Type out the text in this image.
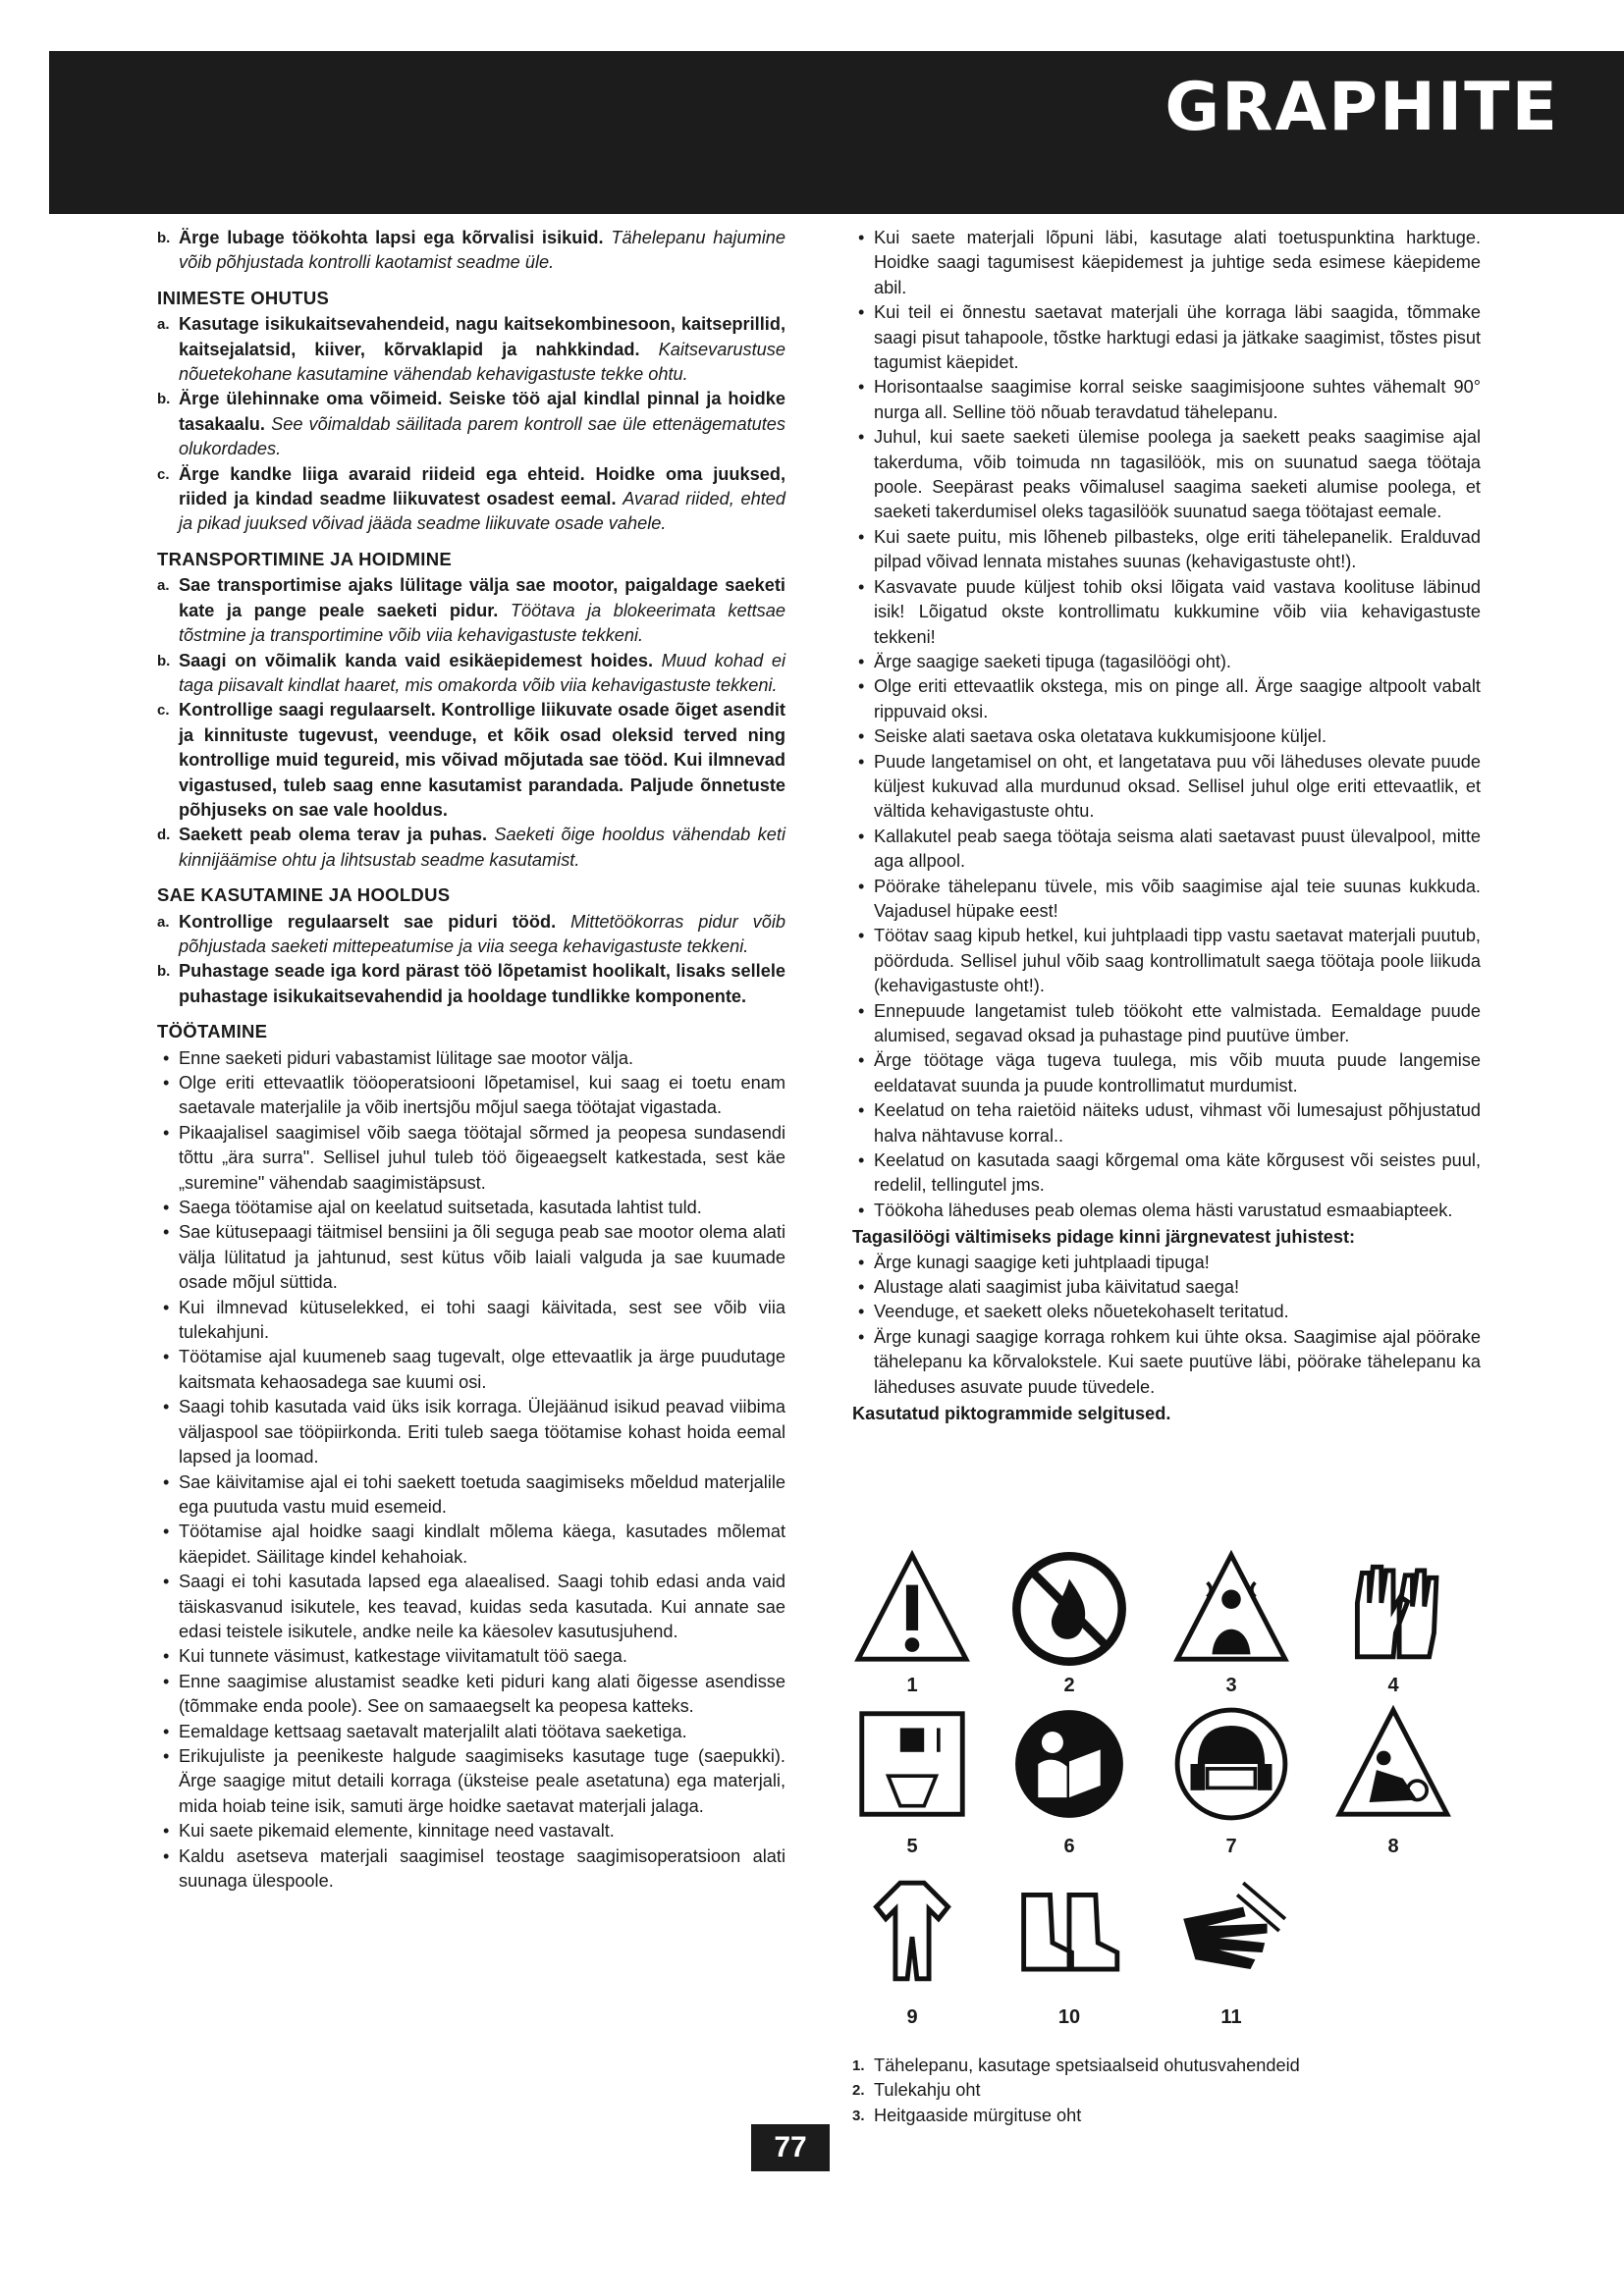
GRAPHITE

b. Ärge lubage töökohta lapsi ega kõrvalisi isikuid. Tähelepanu hajumine võib põhjustada kontrolli kaotamist seadme üle.

INIMESTE OHUTUS

a. Kasutage isikukaitsevahendeid, nagu kaitsekombinesoon, kaitseprillid, kaitsejalatsid, kiiver, kõrvaklapid ja nahkkindad. Kaitsevarustuse nõuetekohane kasutamine vähendab kehavigastuste tekke ohtu.

b. Ärge ülehinnake oma võimeid. Seiske töö ajal kindlal pinnal ja hoidke tasakaalu. See võimaldab säilitada parem kontroll sae üle ettenägematutes olukordades.

c. Ärge kandke liiga avaraid riideid ega ehteid. Hoidke oma juuksed, riided ja kindad seadme liikuvatest osadest eemal. Avarad riided, ehted ja pikad juuksed võivad jääda seadme liikuvate osade vahele.

TRANSPORTIMINE JA HOIDMINE

a. Sae transportimise ajaks lülitage välja sae mootor, paigaldage saeketi kate ja pange peale saeketi pidur. Töötava ja blokeerimata kettsae tõstmine ja transportimine võib viia kehavigastuste tekkeni.

b. Saagi on võimalik kanda vaid esikäepidemest hoides. Muud kohad ei taga piisavalt kindlat haaret, mis omakorda võib viia kehavigastuste tekkeni.

c. Kontrollige saagi regulaarselt. Kontrollige liikuvate osade õiget asendit ja kinnituste tugevust, veenduge, et kõik osad oleksid terved ning kontrollige muid tegureid, mis võivad mõjutada sae tööd. Kui ilmnevad vigastused, tuleb saag enne kasutamist parandada. Paljude õnnetuste põhjuseks on sae vale hooldus.

d. Saekett peab olema terav ja puhas. Saeketi õige hooldus vähendab keti kinnijäämise ohtu ja lihtsustab seadme kasutamist.

SAE KASUTAMINE JA HOOLDUS

a. Kontrollige regulaarselt sae piduri tööd. Mittetöökorras pidur võib põhjustada saeketi mittepeatumise ja viia seega kehavigastuste tekkeni.

b. Puhastage seade iga kord pärast töö lõpetamist hoolikalt, lisaks sellele puhastage isikukaitsevahendid ja hooldage tundlikke komponente.

TÖÖTAMINE
• Enne saeketi piduri vabastamist lülitage sae mootor välja.
• Olge eriti ettevaatlik tööoperatsiooni lõpetamisel, kui saag ei toetu enam saetavale materjalile ja võib inertsjõu mõjul saega töötajat vigastada.
• Pikaajalisel saagimisel võib saega töötajal sõrmed ja peopesa sundasendi tõttu „ära surra". Sellisel juhul tuleb töö õigeaegselt katkestada, sest käe „suremine" vähendab saagimistäpsust.
• Saega töötamise ajal on keelatud suitsetada, kasutada lahtist tuld.
• Sae kütusepaagi täitmisel bensiini ja õli seguga peab sae mootor olema alati välja lülitatud ja jahtunud, sest kütus võib laiali valguda ja sae kuumade osade mõjul süttida.
• Kui ilmnevad kütuselekked, ei tohi saagi käivitada, sest see võib viia tulekahjuni.
• Töötamise ajal kuumeneb saag tugevalt, olge ettevaatlik ja ärge puudutage kaitsmata kehaosadega sae kuumi osi.
• Saagi tohib kasutada vaid üks isik korraga. Ülejäänud isikud peavad viibima väljaspool sae tööpiirkonda. Eriti tuleb saega töötamise kohast hoida eemal lapsed ja loomad.
• Sae käivitamise ajal ei tohi saekett toetuda saagimiseks mõeldud materjalile ega puutuda vastu muid esemeid.
• Töötamise ajal hoidke saagi kindlalt mõlema käega, kasutades mõlemat käepidet. Säilitage kindel kehahoiak.
• Saagi ei tohi kasutada lapsed ega alaealised. Saagi tohib edasi anda vaid täiskasvanud isikutele, kes teavad, kuidas seda kasutada. Kui annate sae edasi teistele isikutele, andke neile ka käesolev kasutusjuhend.
• Kui tunnete väsimust, katkestage viivitamatult töö saega.
• Enne saagimise alustamist seadke keti piduri kang alati õigesse asendisse (tõmmake enda poole). See on samaaegselt ka peopesa katteks.
• Eemaldage kettsaag saetavalt materjalilt alati töötava saeketiga.
• Erikujuliste ja peenikeste halgude saagimiseks kasutage tuge (saepukki). Ärge saagige mitut detaili korraga (üksteise peale asetatuna) ega materjali, mida hoiab teine isik, samuti ärge hoidke saetavat materjali jalaga.
• Kui saete pikemaid elemente, kinnitage need vastavalt.
• Kaldu asetseva materjali saagimisel teostage saagimisoperatsioon alati suunaga ülespoole.
• Kui saete materjali lõpuni läbi, kasutage alati toetuspunktina harktuge. Hoidke saagi tagumisest käepidemest ja juhtige seda esimese käepideme abil.
• Kui teil ei õnnestu saetavat materjali ühe korraga läbi saagida, tõmmake saagi pisut tahapoole, tõstke harktugi edasi ja jätkake saagimist, tõstes pisut tagumist käepidet.
• Horisontaalse saagimise korral seiske saagimisjoone suhtes vähemalt 90° nurga all. Selline töö nõuab teravdatud tähelepanu.
• Juhul, kui saete saeketi ülemise poolega ja saekett peaks saagimise ajal takerduma, võib toimuda nn tagasilöök, mis on suunatud saega töötaja poole. Seepärast peaks võimalusel saagima saeketi alumise poolega, et saeketi takerdumisel oleks tagasilöök suunatud saega töötajast eemale.
• Kui saete puitu, mis lõheneb pilbasteks, olge eriti tähelepanelik. Eralduvad pilpad võivad lennata mistahes suunas (kehavigastuste oht!).
• Kasvavate puude küljest tohib oksi lõigata vaid vastava koolituse läbinud isik! Lõigatud okste kontrollimatu kukkumine võib viia kehavigastuste tekkeni!
• Ärge saagige saeketi tipuga (tagasilöögi oht).
• Olge eriti ettevaatlik okstega, mis on pinge all. Ärge saagige altpoolt vabalt rippuvaid oksi.
• Seiske alati saetava oska oletatava kukkumisjoone küljel.
• Puude langetamisel on oht, et langetatava puu või läheduses olevate puude küljest kukuvad alla murdunud oksad. Sellisel juhul olge eriti ettevaatlik, et vältida kehavigastuste ohtu.
• Kallakutel peab saega töötaja seisma alati saetavast puust ülevalpool, mitte aga allpool.
• Pöörake tähelepanu tüvele, mis võib saagimise ajal teie suunas kukkuda. Vajadusel hüpake eest!
• Töötav saag kipub hetkel, kui juhtplaadi tipp vastu saetavat materjali puutub, pöörduda. Sellisel juhul võib saag kontrollimatult saega töötaja poole liikuda (kehavigastuste oht!).
• Ennepuude langetamist tuleb töökoht ette valmistada. Eemaldage puude alumised, segavad oksad ja puhastage pind puutüve ümber.
• Ärge töötage väga tugeva tuulega, mis võib muuta puude langemise eeldatavat suunda ja puude kontrollimatut murdumist.
• Keelatud on teha raietöid näiteks udust, vihmast või lumesajust põhjustatud halva nähtavuse korral..
• Keelatud on kasutada saagi kõrgemal oma käte kõrgusest või seistes puul, redelil, tellingutel jms.
• Töökoha läheduses peab olemas olema hästi varustatud esmaabiapteek.
Tagasilöögi vältimiseks pidage kinni järgnevatest juhistest:
• Ärge kunagi saagige keti juhtplaadi tipuga!
• Alustage alati saagimist juba käivitatud saega!
• Veenduge, et saekett oleks nõuetekohaselt teritatud.
• Ärge kunagi saagige korraga rohkem kui ühte oksa. Saagimise ajal pöörake tähelepanu ka kõrvalokstele. Kui saete puutüve läbi, pöörake tähelepanu ka läheduses asuvate puude tüvedele.
Kasutatud piktogrammide selgitused.
1	2	3	4
5	6	7	8
9	10	11
1. Tähelepanu, kasutage spetsiaalseid ohutusvahendeid
2. Tulekahju oht
3. Heitgaaside mürgituse oht
77
